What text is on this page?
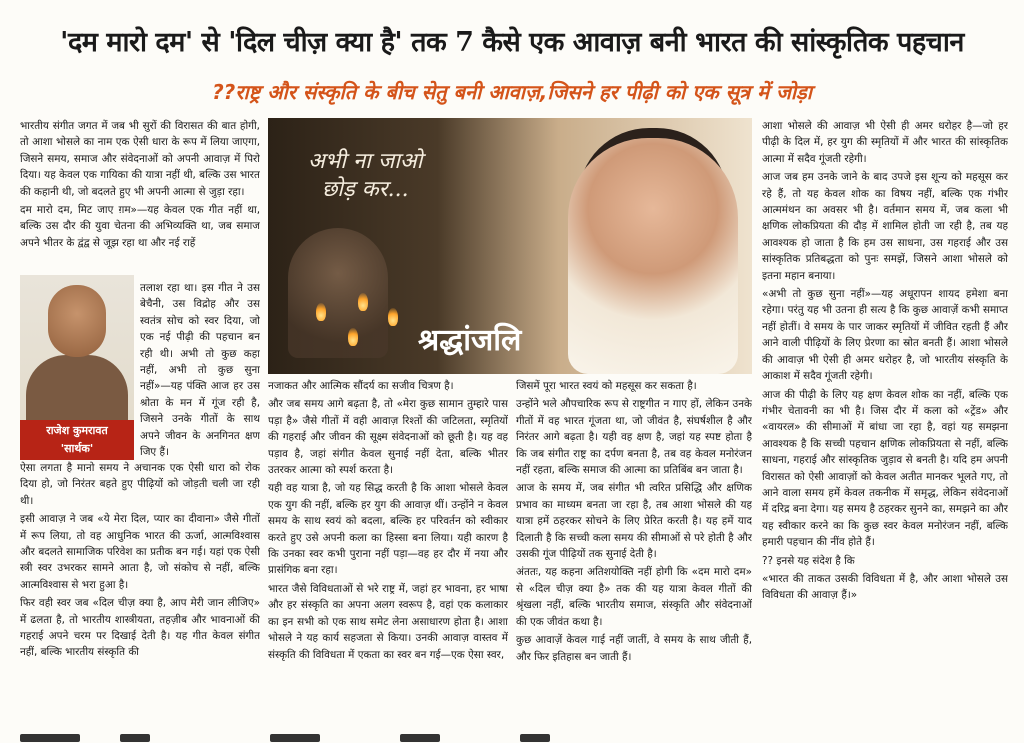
'दम मारो दम' से 'दिल चीज़ क्या है' तक 7 कैसे एक आवाज़ बनी भारत की सांस्कृतिक पहचान
??राष्ट्र और संस्कृति के बीच सेतु बनी आवाज़,जिसने हर पीढ़ी को एक सूत्र में जोड़ा

भारतीय संगीत जगत में जब भी सुरों की विरासत की बात होगी, तो आशा भोसले का नाम एक ऐसी धारा के रूप में लिया जाएगा, जिसने समय, समाज और संवेदनाओं को अपनी आवाज़ में पिरो दिया। यह केवल एक गायिका की यात्रा नहीं थी, बल्कि उस भारत की कहानी थी, जो बदलते हुए भी अपनी आत्मा से जुड़ा रहा।

दम मारो दम, मिट जाए ग़म»—यह केवल एक गीत नहीं था, बल्कि उस दौर की युवा चेतना की अभिव्यक्ति था, जब समाज अपने भीतर के द्वंद्व से जूझ रहा था और नई राहें

राजेश कुमरावत
'सार्थक'

तलाश रहा था। इस गीत ने उस बेचैनी, उस विद्रोह और उस स्वतंत्र सोच को स्वर दिया, जो एक नई पीढ़ी की पहचान बन रही थी। अभी तो कुछ कहा नहीं, अभी तो कुछ सुना नहीं»—यह पंक्ति आज हर उस श्रोता के मन में गूंज रही है, जिसने उनके गीतों के साथ अपने जीवन के अनगिनत क्षण जिए हैं।

ऐसा लगता है मानो समय ने अचानक एक ऐसी धारा को रोक दिया हो, जो निरंतर बहते हुए पीढ़ियों को जोड़ती चली जा रही थी।

इसी आवाज़ ने जब «ये मेरा दिल, प्यार का दीवाना» जैसे गीतों में रूप लिया, तो वह आधुनिक भारत की ऊर्जा, आत्मविश्वास और बदलते सामाजिक परिवेश का प्रतीक बन गई। यहां एक ऐसी स्त्री स्वर उभरकर सामने आता है, जो संकोच से नहीं, बल्कि आत्मविश्वास से भरा हुआ है।

फिर वही स्वर जब «दिल चीज़ क्या है, आप मेरी जान लीजिए» में ढलता है, तो भारतीय शास्त्रीयता, तहज़ीब और भावनाओं की गहराई अपने चरम पर दिखाई देती है। यह गीत केवल संगीत नहीं, बल्कि भारतीय संस्कृति की

अभी ना जाओ
छोड़ कर...
श्रद्धांजलि

नजाकत और आत्मिक सौंदर्य का सजीव चित्रण है।

और जब समय आगे बढ़ता है, तो «मेरा कुछ सामान तुम्हारे पास पड़ा है» जैसे गीतों में वही आवाज़ रिश्तों की जटिलता, स्मृतियों की गहराई और जीवन की सूक्ष्म संवेदनाओं को छूती है। यह वह पड़ाव है, जहां संगीत केवल सुनाई नहीं देता, बल्कि भीतर उतरकर आत्मा को स्पर्श करता है।

यही वह यात्रा है, जो यह सिद्ध करती है कि आशा भोसले केवल एक युग की नहीं, बल्कि हर युग की आवाज़ थीं। उन्होंने न केवल समय के साथ स्वयं को बदला, बल्कि हर परिवर्तन को स्वीकार करते हुए उसे अपनी कला का हिस्सा बना लिया। यही कारण है कि उनका स्वर कभी पुराना नहीं पड़ा—वह हर दौर में नया और प्रासंगिक बना रहा।

भारत जैसे विविधताओं से भरे राष्ट्र में, जहां हर भावना, हर भाषा और हर संस्कृति का अपना अलग स्वरूप है, वहां एक कलाकार का इन सभी को एक साथ समेट लेना असाधारण होता है। आशा भोसले ने यह कार्य सहजता से किया। उनकी आवाज़ वास्तव में संस्कृति की विविधता में एकता का स्वर बन गई—एक ऐसा स्वर,

जिसमें पूरा भारत स्वयं को महसूस कर सकता है।

उन्होंने भले औपचारिक रूप से राष्ट्रगीत न गाए हों, लेकिन उनके गीतों में वह भारत गूंजता था, जो जीवंत है, संघर्षशील है और निरंतर आगे बढ़ता है। यही वह क्षण है, जहां यह स्पष्ट होता है कि जब संगीत राष्ट्र का दर्पण बनता है, तब वह केवल मनोरंजन नहीं रहता, बल्कि समाज की आत्मा का प्रतिबिंब बन जाता है।

आज के समय में, जब संगीत भी त्वरित प्रसिद्धि और क्षणिक प्रभाव का माध्यम बनता जा रहा है, तब आशा भोसले की यह यात्रा हमें ठहरकर सोचने के लिए प्रेरित करती है। यह हमें याद दिलाती है कि सच्ची कला समय की सीमाओं से परे होती है और उसकी गूंज पीढ़ियों तक सुनाई देती है।

अंततः, यह कहना अतिशयोक्ति नहीं होगी कि «दम मारो दम» से «दिल चीज़ क्या है» तक की यह यात्रा केवल गीतों की श्रृंखला नहीं, बल्कि भारतीय समाज, संस्कृति और संवेदनाओं की एक जीवंत कथा है।

कुछ आवाज़ें केवल गाई नहीं जातीं, वे समय के साथ जीती हैं, और फिर इतिहास बन जाती हैं।

आशा भोसले की आवाज़ भी ऐसी ही अमर धरोहर है—जो हर पीढ़ी के दिल में, हर युग की स्मृतियों में और भारत की सांस्कृतिक आत्मा में सदैव गूंजती रहेगी।

आज जब हम उनके जाने के बाद उपजे इस शून्य को महसूस कर रहे हैं, तो यह केवल शोक का विषय नहीं, बल्कि एक गंभीर आत्ममंथन का अवसर भी है। वर्तमान समय में, जब कला भी क्षणिक लोकप्रियता की दौड़ में शामिल होती जा रही है, तब यह आवश्यक हो जाता है कि हम उस साधना, उस गहराई और उस सांस्कृतिक प्रतिबद्धता को पुनः समझें, जिसने आशा भोसले को इतना महान बनाया।

«अभी तो कुछ सुना नहीं»—यह अधूरापन शायद हमेशा बना रहेगा। परंतु यह भी उतना ही सत्य है कि कुछ आवाज़ें कभी समाप्त नहीं होतीं। वे समय के पार जाकर स्मृतियों में जीवित रहती हैं और आने वाली पीढ़ियों के लिए प्रेरणा का स्रोत बनती हैं। आशा भोसले की आवाज़ भी ऐसी ही अमर धरोहर है, जो भारतीय संस्कृति के आकाश में सदैव गूंजती रहेगी।

आज की पीढ़ी के लिए यह क्षण केवल शोक का नहीं, बल्कि एक गंभीर चेतावनी का भी है। जिस दौर में कला को «ट्रेंड» और «वायरल» की सीमाओं में बांधा जा रहा है, वहां यह समझना आवश्यक है कि सच्ची पहचान क्षणिक लोकप्रियता से नहीं, बल्कि साधना, गहराई और सांस्कृतिक जुड़ाव से बनती है। यदि हम अपनी विरासत को ऐसी आवाज़ों को केवल अतीत मानकर भूलते गए, तो आने वाला समय हमें केवल तकनीक में समृद्ध, लेकिन संवेदनाओं में दरिद्र बना देगा। यह समय है ठहरकर सुनने का, समझने का और यह स्वीकार करने का कि कुछ स्वर केवल मनोरंजन नहीं, बल्कि हमारी पहचान की नींव होते हैं।

?? इनसे यह संदेश है कि

«भारत की ताकत उसकी विविधता में है, और आशा भोसले उस विविधता की आवाज़ हैं।»
